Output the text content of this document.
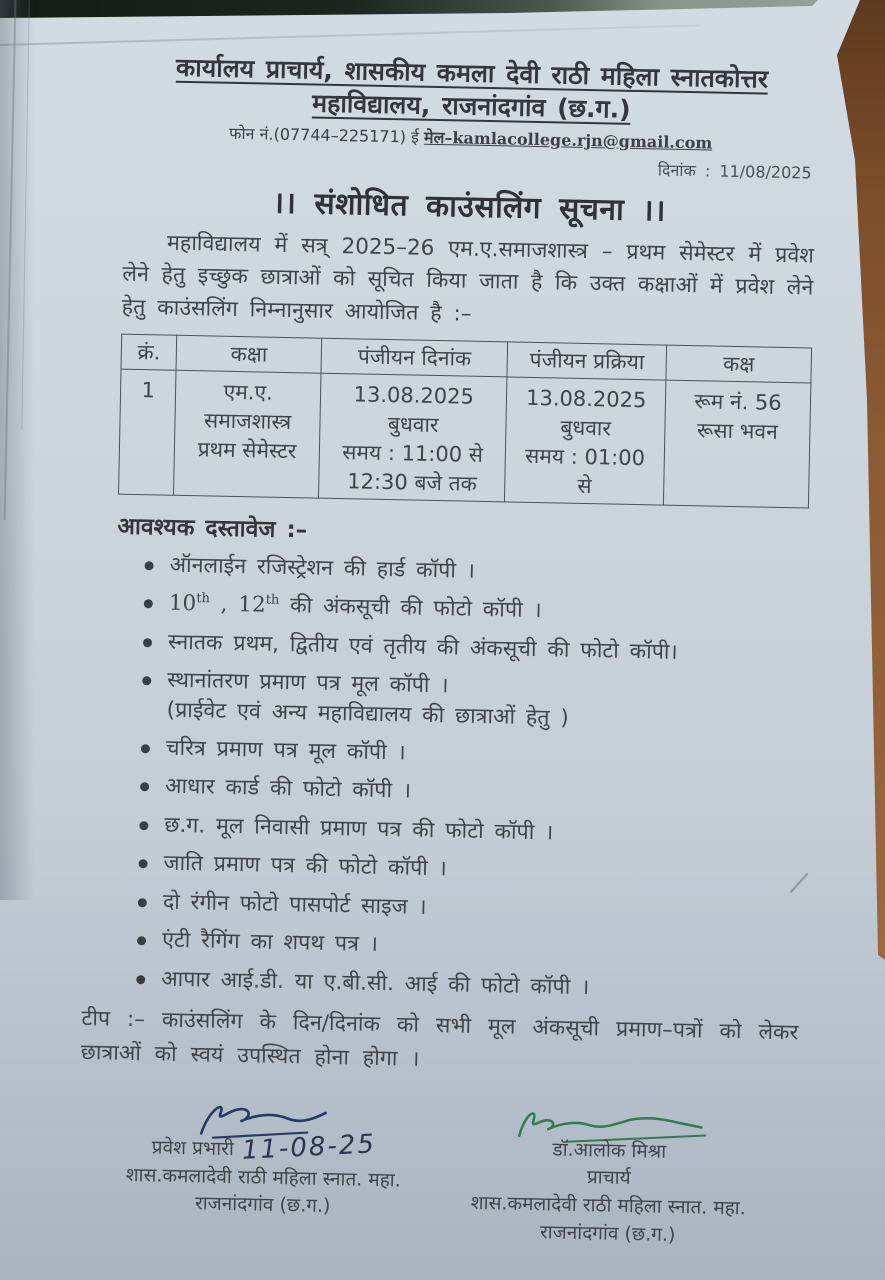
कार्यालय प्राचार्य, शासकीय कमला देवी राठी महिला स्नातकोत्तर
महाविद्यालय, राजनांदगांव (छ.ग.)
फोन नं.(07744–225171) ई मेल–kamlacollege.rjn@gmail.com
दिनांक : 11/08/2025
।। संशोधित काउंसलिंग सूचना ।।
महाविद्यालय में सत्र् 2025–26 एम.ए.समाजशास्त्र – प्रथम सेमेस्टर में प्रवेश लेने हेतु इच्छुक छात्राओं को सूचित किया जाता है कि उक्त कक्षाओं में प्रवेश लेने हेतु काउंसलिंग निम्नानुसार आयोजित है :–
क्रं.	कक्षा	पंजीयन दिनांक	पंजीयन प्रक्रिया	कक्ष
1	एम.ए.
समाजशास्त्र
प्रथम सेमेस्टर	13.08.2025
बुधवार
समय : 11:00 से
12:30 बजे तक	13.08.2025
बुधवार
समय : 01:00
से	रूम नं. 56
रूसा भवन
आवश्यक दस्तावेज :–
ऑनलाईन रजिस्ट्रेशन की हार्ड कॉपी ।
10th , 12th की अंकसूची की फोटो कॉपी ।
स्नातक प्रथम, द्वितीय एवं तृतीय की अंकसूची की फोटो कॉपी।
स्थानांतरण प्रमाण पत्र मूल कॉपी ।
(प्राईवेट एवं अन्य महाविद्यालय की छात्राओं हेतु )
चरित्र प्रमाण पत्र मूल कॉपी ।
आधार कार्ड की फोटो कॉपी ।
छ.ग. मूल निवासी प्रमाण पत्र की फोटो कॉपी ।
जाति प्रमाण पत्र की फोटो कॉपी ।
दो रंगीन फोटो पासपोर्ट साइज ।
एंटी रैगिंग का शपथ पत्र ।
आपार आई.डी. या ए.बी.सी. आई की फोटो कॉपी ।
टीप :– काउंसलिंग के दिन/दिनांक को सभी मूल अंकसूची प्रमाण–पत्रों को लेकर छात्राओं को स्वयं उपस्थित होना होगा ।
प्रवेश प्रभारी 11-08-25
शास.कमलादेवी राठी महिला स्नात. महा.
राजनांदगांव (छ.ग.)
डॉ.आलोक मिश्रा
प्राचार्य
शास.कमलादेवी राठी महिला स्नात. महा.
राजनांदगांव (छ.ग.)
